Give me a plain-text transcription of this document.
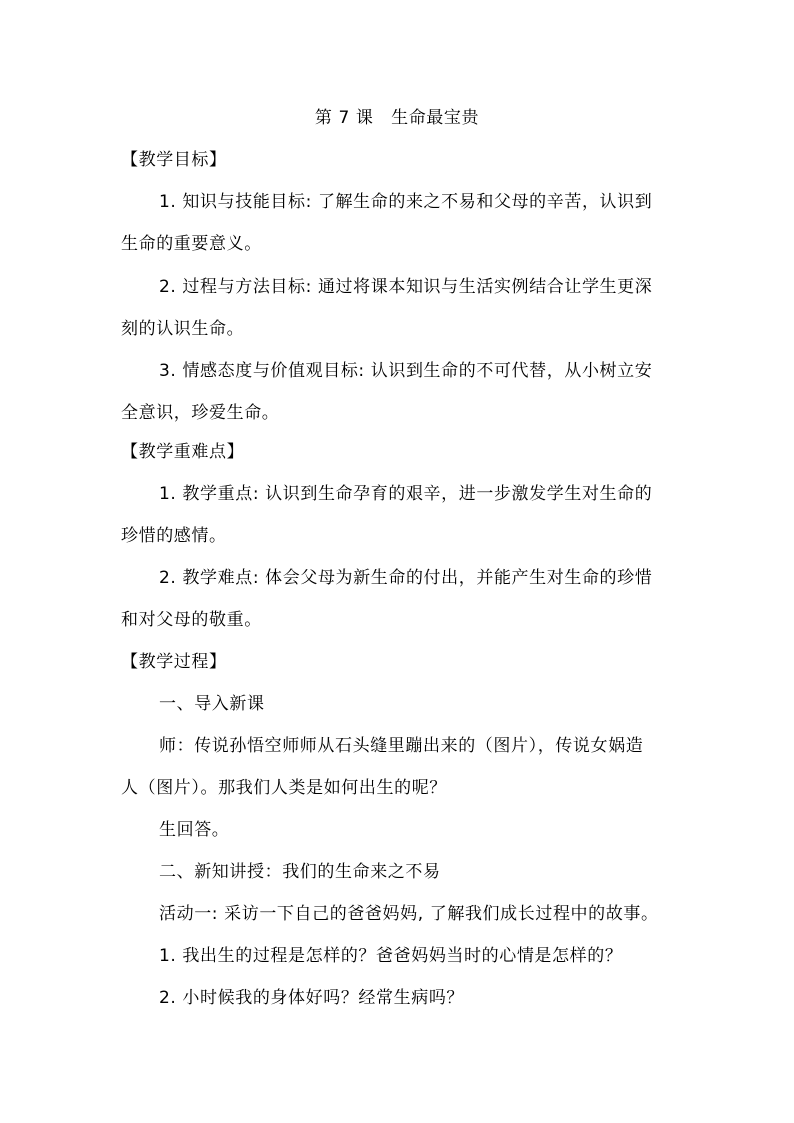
第 7 课　生命最宝贵
【教学目标】
1. 知识与技能目标: 了解生命的来之不易和父母的辛苦，认识到
生命的重要意义。
2. 过程与方法目标: 通过将课本知识与生活实例结合让学生更深
刻的认识生命。
3. 情感态度与价值观目标: 认识到生命的不可代替，从小树立安
全意识，珍爱生命。
【教学重难点】
1. 教学重点: 认识到生命孕育的艰辛，进一步激发学生对生命的
珍惜的感情。
2. 教学难点: 体会父母为新生命的付出，并能产生对生命的珍惜
和对父母的敬重。
【教学过程】
一、导入新课
师：传说孙悟空师师从石头缝里蹦出来的（图片），传说女娲造
人（图片）。那我们人类是如何出生的呢？
生回答。
二、新知讲授：我们的生命来之不易
活动一: 采访一下自己的爸爸妈妈, 了解我们成长过程中的故事。
1. 我出生的过程是怎样的？爸爸妈妈当时的心情是怎样的？
2. 小时候我的身体好吗？经常生病吗？
